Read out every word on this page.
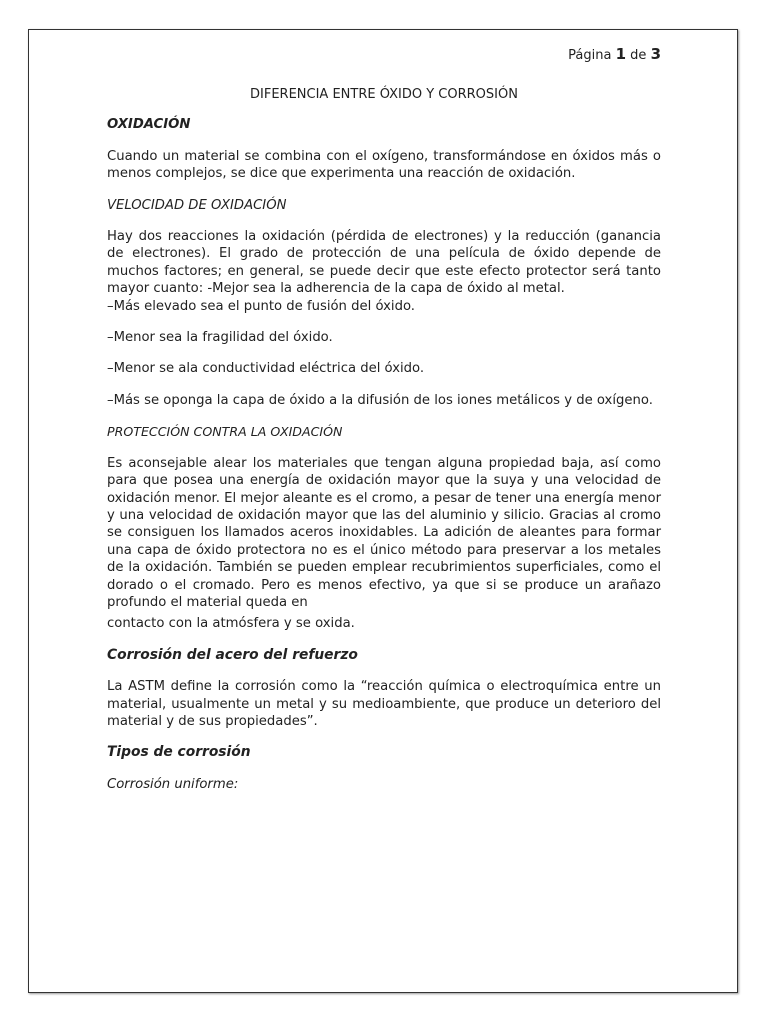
Página 1 de 3
DIFERENCIA ENTRE ÓXIDO Y CORROSIÓN

OXIDACIÓN

Cuando un material se combina con el oxígeno, transformándose en óxidos más o menos complejos, se dice que experimenta una reacción de oxidación.

VELOCIDAD DE OXIDACIÓN

Hay dos reacciones la oxidación (pérdida de electrones) y la reducción (ganancia de electrones). El grado de protección de una película de óxido depende de muchos factores; en general, se puede decir que este efecto protector será tanto mayor cuanto: -Mejor sea la adherencia de la capa de óxido al metal.

–Más elevado sea el punto de fusión del óxido.

–Menor sea la fragilidad del óxido.

–Menor se ala conductividad eléctrica del óxido.

–Más se oponga la capa de óxido a la difusión de los iones metálicos y de oxígeno.

PROTECCIÓN CONTRA LA OXIDACIÓN

Es aconsejable alear los materiales que tengan alguna propiedad baja, así como para que posea una energía de oxidación mayor que la suya y una velocidad de oxidación menor. El mejor aleante es el cromo, a pesar de tener una energía menor y una velocidad de oxidación mayor que las del aluminio y silicio. Gracias al cromo se consiguen los llamados aceros inoxidables. La adición de aleantes para formar una capa de óxido protectora no es el único método para preservar a los metales de la oxidación. También se pueden emplear recubrimientos superficiales, como el dorado o el cromado. Pero es menos efectivo, ya que si se produce un arañazo profundo el material queda en

contacto con la atmósfera y se oxida.

Corrosión del acero del refuerzo

La ASTM define la corrosión como la “reacción química o electroquímica entre un material, usualmente un metal y su medioambiente, que produce un deterioro del material y de sus propiedades”.

Tipos de corrosión

Corrosión uniforme:
